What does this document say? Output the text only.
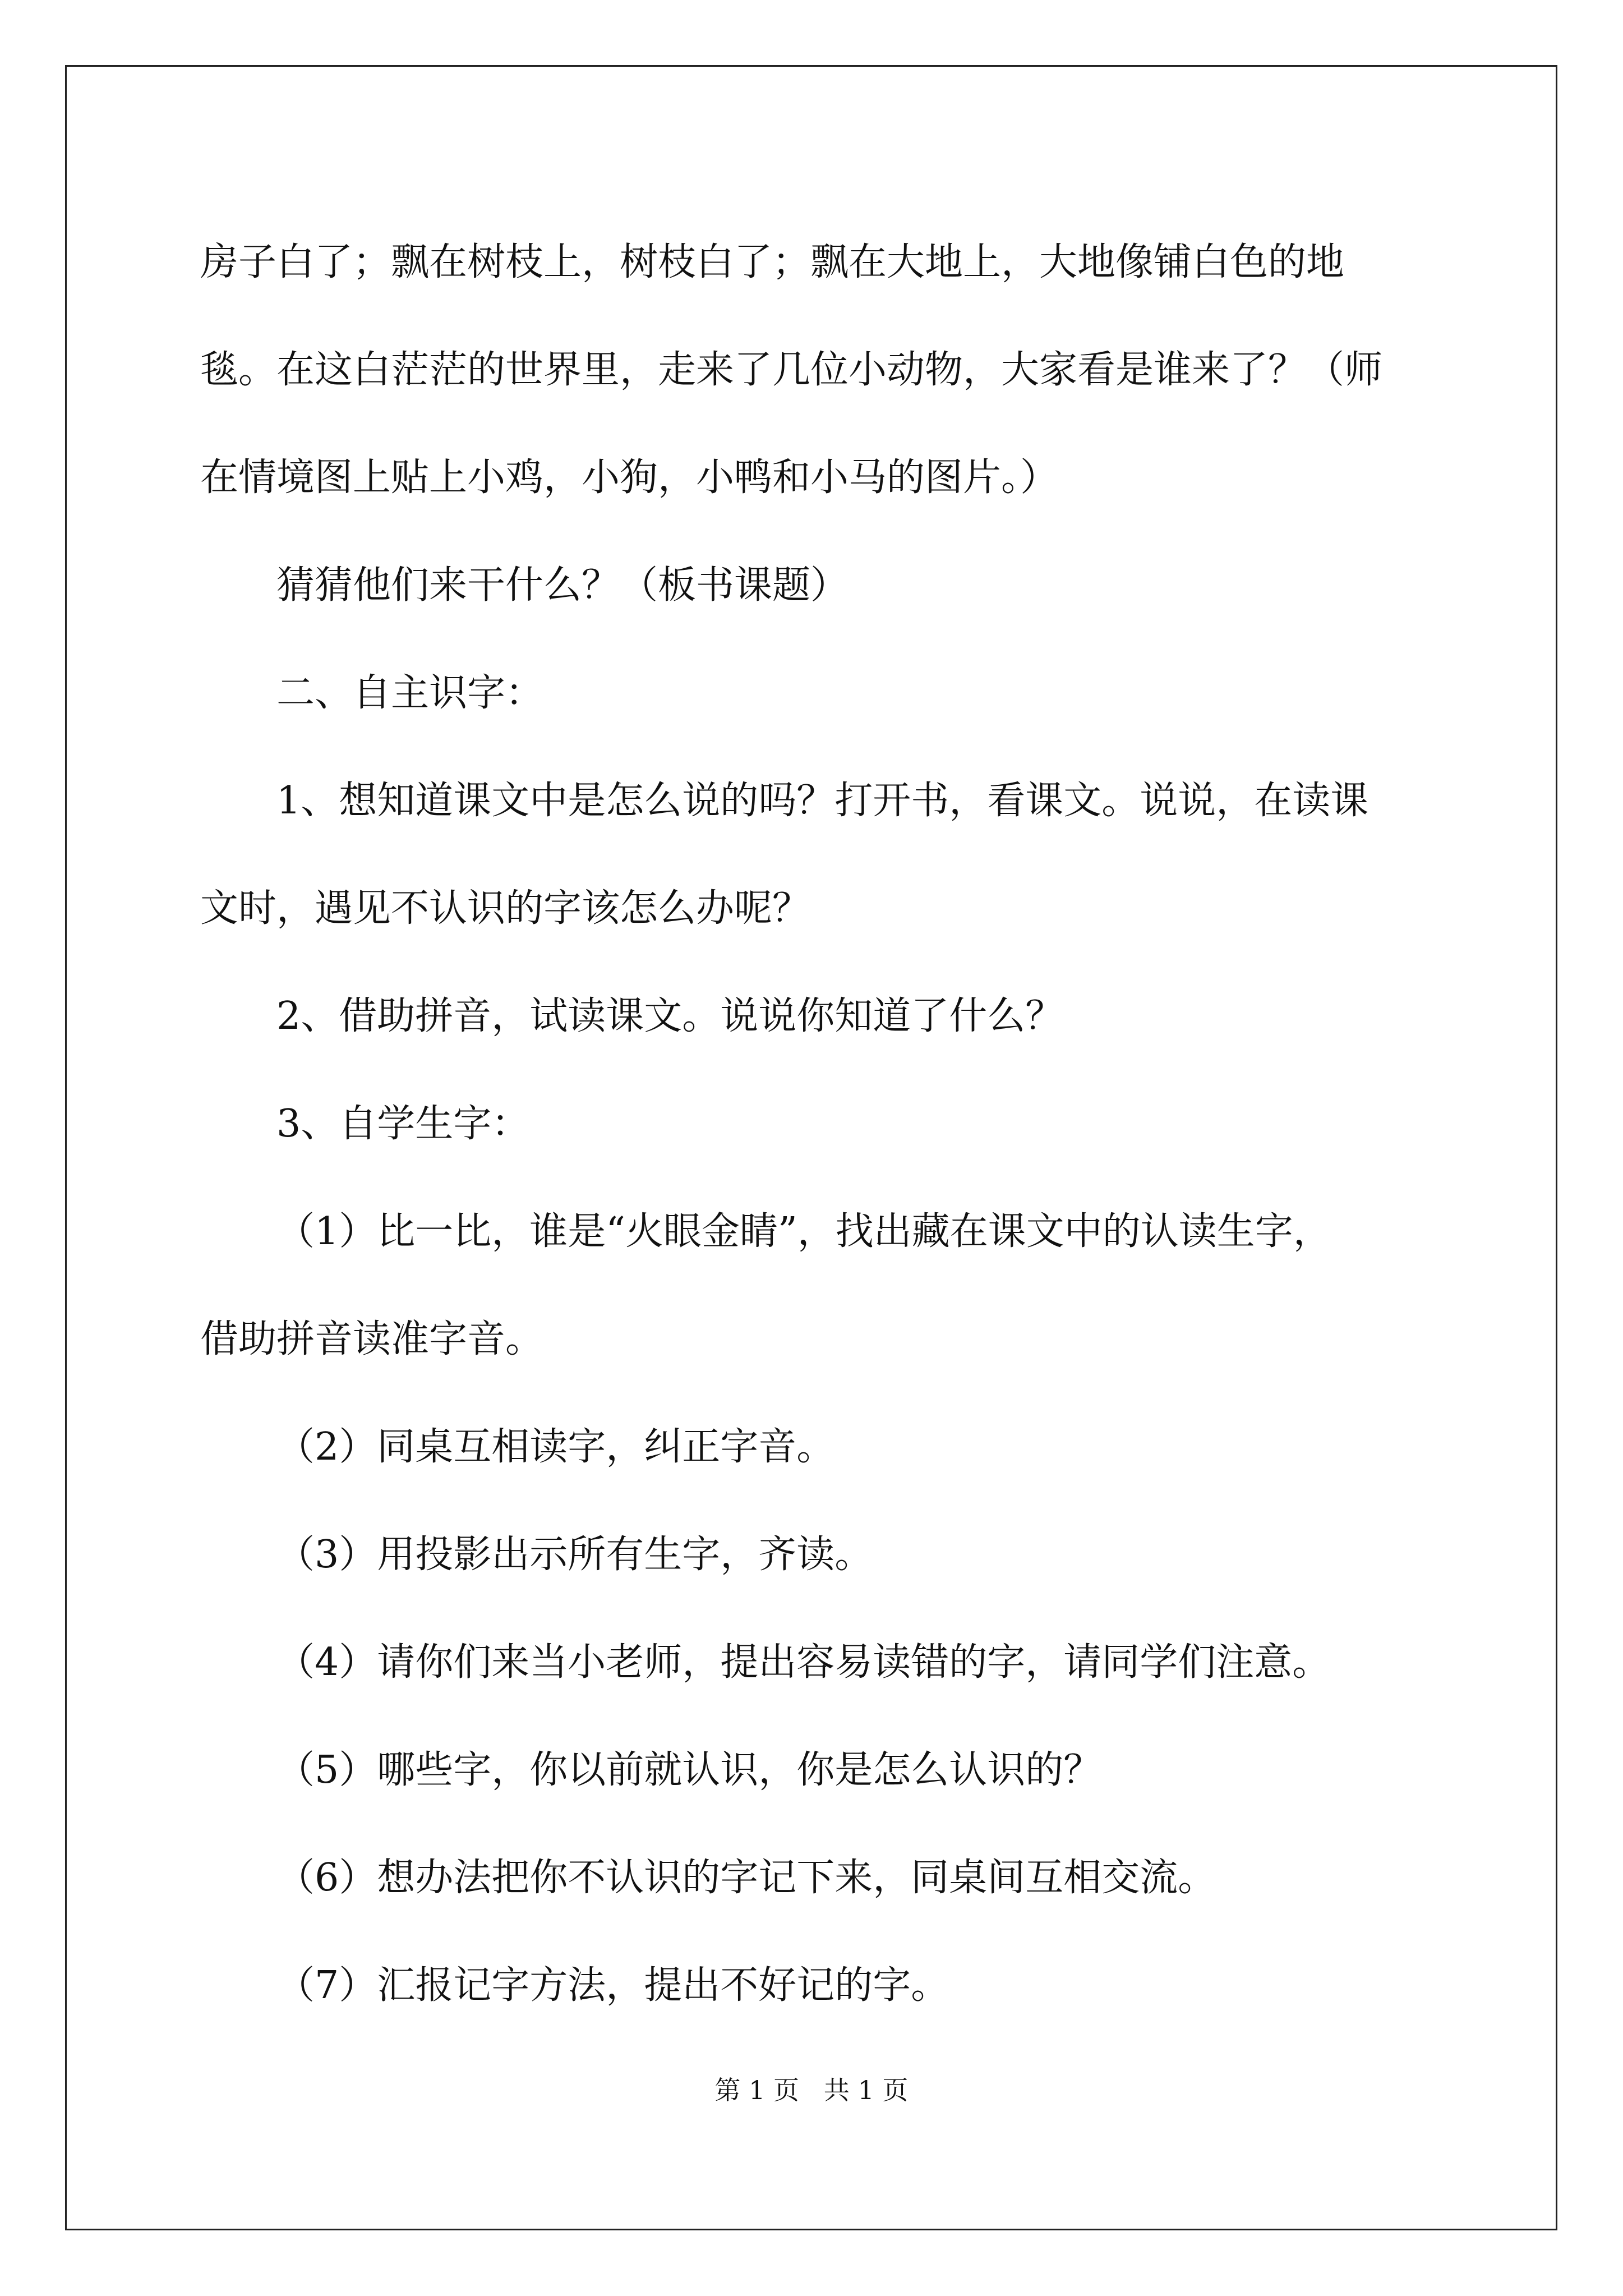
房子白了；飘在树枝上，树枝白了；飘在大地上，大地像铺白色的地

毯。在这白茫茫的世界里，走来了几位小动物，大家看是谁来了？（师

在情境图上贴上小鸡，小狗，小鸭和小马的图片。）

猜猜他们来干什么？（板书课题）

二、自主识字：

1、想知道课文中是怎么说的吗？打开书，看课文。说说，在读课

文时，遇见不认识的字该怎么办呢？

2、借助拼音，试读课文。说说你知道了什么？

3、自学生字：

（1）比一比，谁是“火眼金睛”，找出藏在课文中的认读生字，

借助拼音读准字音。

（2）同桌互相读字，纠正字音。

（3）用投影出示所有生字，齐读。

（4）请你们来当小老师，提出容易读错的字，请同学们注意。

（5）哪些字，你以前就认识，你是怎么认识的？

（6）想办法把你不认识的字记下来，同桌间互相交流。

（7）汇报记字方法，提出不好记的字。

第 1 页   共 1 页
